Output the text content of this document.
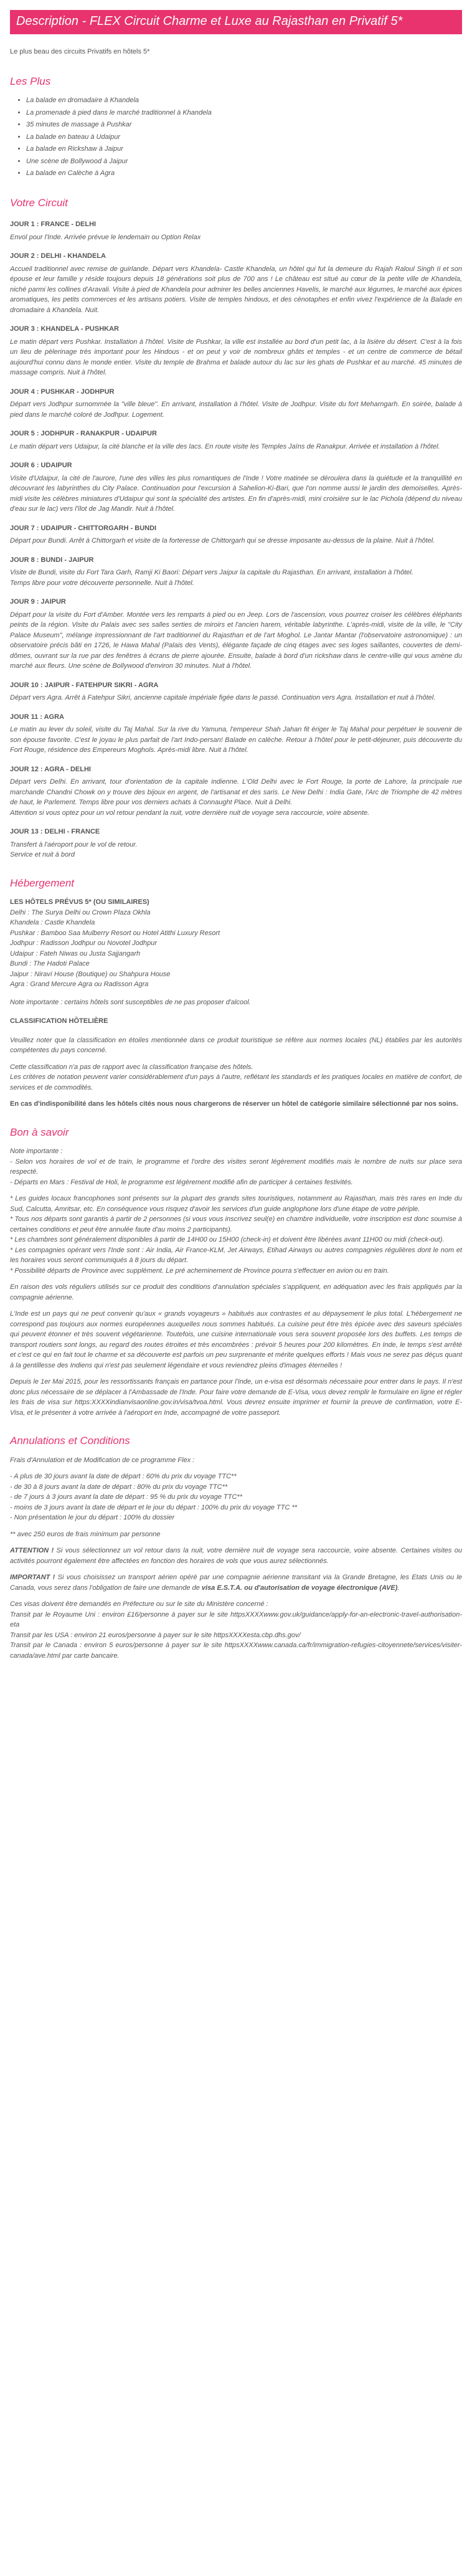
Description - FLEX Circuit Charme et Luxe au Rajasthan en Privatif 5*

Le plus beau des circuits Privatifs en hôtels 5*

Les Plus
• La balade en dromadaire à Khandela
• La promenade à pied dans le marché traditionnel à Khandela
• 35 minutes de massage à Pushkar
• La balade en bateau à Udaipur
• La balade en Rickshaw à Jaipur
• Une scène de Bollywood à Jaipur
• La balade en Calèche à Agra
Votre Circuit
JOUR 1 : FRANCE - DELHI

Envol pour l'Inde. Arrivée prévue le lendemain ou Option Relax

JOUR 2 : DELHI - KHANDELA

Accueil traditionnel avec remise de guirlande. Départ vers Khandela- Castle Khandela, un hôtel qui fut la demeure du Rajah Raloul Singh II et son épouse et leur famille y réside toujours depuis 18 générations soit plus de 700 ans ! Le château est situé au cœur de la petite ville de Khandela, niché parmi les collines d'Aravali. Visite à pied de Khandela pour admirer les belles anciennes Havelis, le marché aux légumes, le marché aux épices aromatiques, les petits commerces et les artisans potiers. Visite de temples hindous, et des cénotaphes et enfin vivez l'expérience de la Balade en dromadaire à Khandela. Nuit.

JOUR 3 : KHANDELA - PUSHKAR

Le matin départ vers Pushkar. Installation à l'hôtel. Visite de Pushkar, la ville est installée au bord d'un petit lac, à la lisière du désert. C'est à la fois un lieu de pèlerinage très important pour les Hindous - et on peut y voir de nombreux ghâts et temples - et un centre de commerce de bétail aujourd'hui connu dans le monde entier. Visite du temple de Brahma et balade autour du lac sur les ghats de Pushkar et au marché. 45 minutes de massage compris. Nuit à l'hôtel.

JOUR 4 : PUSHKAR - JODHPUR

Départ vers Jodhpur surnommée la "ville bleue". En arrivant, installation à l'hôtel. Visite de Jodhpur. Visite du fort Meharngarh. En soirée, balade à pied dans le marché coloré de Jodhpur. Logement.

JOUR 5 : JODHPUR - RANAKPUR - UDAIPUR

Le matin départ vers Udaipur, la cité blanche et la ville des lacs. En route visite les Temples Jaïns de Ranakpur. Arrivée et installation à l'hôtel.

JOUR 6 : UDAIPUR

Visite d'Udaipur, la cité de l'aurore, l'une des villes les plus romantiques de l'Inde ! Votre matinée se déroulera dans la quiétude et la tranquillité en découvrant les labyrinthes du City Palace. Continuation pour l'excursion à Sahelion-Ki-Bari, que l'on nomme aussi le jardin des demoiselles. Après-midi visite les célèbres miniatures d'Udaipur qui sont la spécialité des artistes. En fin d'après-midi, mini croisière sur le lac Pichola (dépend du niveau d'eau sur le lac) vers l'îlot de Jag Mandir. Nuit à l'hôtel.

JOUR 7 : UDAIPUR - CHITTORGARH - BUNDI

Départ pour Bundi. Arrêt à Chittorgarh et visite de la forteresse de Chittorgarh qui se dresse imposante au-dessus de la plaine. Nuit à l'hôtel.

JOUR 8 : BUNDI - JAIPUR

Visite de Bundi, visite du Fort Tara Garh, Ramji Ki Baori: Départ vers Jaipur la capitale du Rajasthan. En arrivant, installation à l'hôtel.
Temps libre pour votre découverte personnelle. Nuit à l'hôtel.

JOUR 9 : JAIPUR

Départ pour la visite du Fort d'Amber. Montée vers les remparts à pied ou en Jeep. Lors de l'ascension, vous pourrez croiser les célèbres éléphants peints de la région. Visite du Palais avec ses salles serties de miroirs et l'ancien harem, véritable labyrinthe. L'après-midi, visite de la ville, le "City Palace Museum", mélange impressionnant de l'art traditionnel du Rajasthan et de l'art Moghol. Le Jantar Mantar (l'observatoire astronomique) : un observatoire précis bâti en 1726, le Hawa Mahal (Palais des Vents), élégante façade de cinq étages avec ses loges saillantes, couvertes de demi-dômes, ouvrant sur la rue par des fenêtres à écrans de pierre ajourée. Ensuite, balade à bord d'un rickshaw dans le centre-ville qui vous amène du marché aux fleurs. Une scène de Bollywood d'environ 30 minutes. Nuit à l'hôtel.

JOUR 10 : JAIPUR - FATEHPUR SIKRI - AGRA

Départ vers Agra. Arrêt à Fatehpur Sikri, ancienne capitale impériale figée dans le passé. Continuation vers Agra. Installation et nuit à l'hôtel.

JOUR 11 : AGRA

Le matin au lever du soleil, visite du Taj Mahal. Sur la rive du Yamuna, l'empereur Shah Jahan fit ériger le Taj Mahal pour perpétuer le souvenir de son épouse favorite. C'est le joyau le plus parfait de l'art Indo-persan! Balade en calèche. Retour à l'hôtel pour le petit-déjeuner, puis découverte du Fort Rouge, résidence des Empereurs Moghols. Après-midi libre. Nuit à l'hôtel.

JOUR 12 : AGRA - DELHI

Départ vers Delhi. En arrivant, tour d'orientation de la capitale indienne. L'Old Delhi avec le Fort Rouge, la porte de Lahore, la principale rue marchande Chandni Chowk on y trouve des bijoux en argent, de l'artisanat et des saris. Le New Delhi : India Gate, l'Arc de Triomphe de 42 mètres de haut, le Parlement. Temps libre pour vos derniers achats à Connaught Place. Nuit à Delhi.
Attention si vous optez pour un vol retour pendant la nuit, votre dernière nuit de voyage sera raccourcie, voire absente.

JOUR 13 : DELHI - FRANCE

Transfert à l'aéroport pour le vol de retour.
Service et nuit à bord

Hébergement

LES HÔTELS PRÉVUS 5* (OU SIMILAIRES)

Delhi : The Surya Delhi ou Crown Plaza Okhla

Khandela : Castle Khandela

Pushkar : Bamboo Saa Mulberry Resort ou Hotel Atithi Luxury Resort

Jodhpur : Radisson Jodhpur ou Novotel Jodhpur

Udaipur : Fateh Niwas ou Justa Sajjangarh

Bundi : The Hadoti Palace

Jaipur : Niraví House (Boutique) ou Shahpura House

Agra : Grand Mercure Agra ou Radisson Agra

Note importante : certains hôtels sont susceptibles de ne pas proposer d'alcool.

CLASSIFICATION HÔTELIÈRE

Veuillez noter que la classification en étoiles mentionnée dans ce produit touristique se réfère aux normes locales (NL) établies par les autorités compétentes du pays concerné.

Cette classification n'a pas de rapport avec la classification française des hôtels.
Les critères de notation peuvent varier considérablement d'un pays à l'autre, reflétant les standards et les pratiques locales en matière de confort, de services et de commodités.

En cas d'indisponibilité dans les hôtels cités nous nous chargerons de réserver un hôtel de catégorie similaire sélectionné par nos soins.

Bon à savoir

Note importante :
- Selon vos horaires de vol et de train, le programme et l'ordre des visites seront légèrement modifiés mais le nombre de nuits sur place sera respecté.
- Départs en Mars : Festival de Holi, le programme est légèrement modifié afin de participer à certaines festivités.

* Les guides locaux francophones sont présents sur la plupart des grands sites touristiques, notamment au Rajasthan, mais très rares en Inde du Sud, Calcutta, Amritsar, etc. En conséquence vous risquez d'avoir les services d'un guide anglophone lors d'une étape de votre périple.
* Tous nos départs sont garantis à partir de 2 personnes (si vous vous inscrivez seul(e) en chambre individuelle, votre inscription est donc soumise à certaines conditions et peut être annulée faute d'au moins 2 participants).
* Les chambres sont généralement disponibles à partir de 14H00 ou 15H00 (check-in) et doivent être libérées avant 11H00 ou midi (check-out).
* Les compagnies opérant vers l'Inde sont : Air India, Air France-KLM, Jet Airways, Etihad Airways ou autres compagnies régulières dont le nom et les horaires vous seront communiqués à 8 jours du départ.
* Possibilité départs de Province avec supplément. Le pré acheminement de Province pourra s'effectuer en avion ou en train.

En raison des vols réguliers utilisés sur ce produit des conditions d'annulation spéciales s'appliquent, en adéquation avec les frais appliqués par la compagnie aérienne.

L'Inde est un pays qui ne peut convenir qu'aux « grands voyageurs » habitués aux contrastes et au dépaysement le plus total. L'hébergement ne correspond pas toujours aux normes européennes auxquelles nous sommes habitués. La cuisine peut être très épicée avec des saveurs spéciales qui peuvent étonner et très souvent végétarienne. Toutefois, une cuisine internationale vous sera souvent proposée lors des buffets. Les temps de transport routiers sont longs, au regard des routes étroites et très encombrées : prévoir 5 heures pour 200 kilomètres. En Inde, le temps s'est arrêté et c'est ce qui en fait tout le charme et sa découverte est parfois un peu surprenante et mérite quelques efforts ! Mais vous ne serez pas déçus quant à la gentillesse des Indiens qui n'est pas seulement légendaire et vous reviendrez pleins d'images éternelles !

Depuis le 1er Mai 2015, pour les ressortissants français en partance pour l'Inde, un e-visa est désormais nécessaire pour entrer dans le pays. Il n'est donc plus nécessaire de se déplacer à l'Ambassade de l'Inde. Pour faire votre demande de E-Visa, vous devez remplir le formulaire en ligne et régler les frais de visa sur https:XXXXindianvisaonline.gov.in/visa/tvoa.html. Vous devrez ensuite imprimer et fournir la preuve de confirmation, votre E-Visa, et le présenter à votre arrivée à l'aéroport en Inde, accompagné de votre passeport.

Annulations et Conditions

Frais d'Annulation et de Modification de ce programme Flex :

- A plus de 30 jours avant la date de départ : 60% du prix du voyage TTC**
- de 30 à 8 jours avant la date de départ : 80% du prix du voyage TTC**
- de 7 jours à 3 jours avant la date de départ : 95 % du prix du voyage TTC**
- moins de 3 jours avant la date de départ et le jour du départ : 100% du prix du voyage TTC **
- Non présentation le jour du départ : 100% du dossier

** avec 250 euros de frais minimum par personne

ATTENTION ! Si vous sélectionnez un vol retour dans la nuit, votre dernière nuit de voyage sera raccourcie, voire absente. Certaines visites ou activités pourront également être affectées en fonction des horaires de vols que vous aurez sélectionnés.

IMPORTANT ! Si vous choisissez un transport aérien opéré par une compagnie aérienne transitant via la Grande Bretagne, les Etats Unis ou le Canada, vous serez dans l'obligation de faire une demande de visa E.S.T.A. ou d'autorisation de voyage électronique (AVE).

Ces visas doivent être demandés en Préfecture ou sur le site du Ministère concerné :
Transit par le Royaume Uni : environ £16/personne à payer sur le site httpsXXXXwww.gov.uk/guidance/apply-for-an-electronic-travel-authorisation-eta
Transit par les USA : environ 21 euros/personne à payer sur le site httpsXXXXesta.cbp.dhs.gov/
Transit par le Canada : environ 5 euros/personne à payer sur le site httpsXXXXwww.canada.ca/fr/immigration-refugies-citoyennete/services/visiter-canada/ave.html par carte bancaire.
